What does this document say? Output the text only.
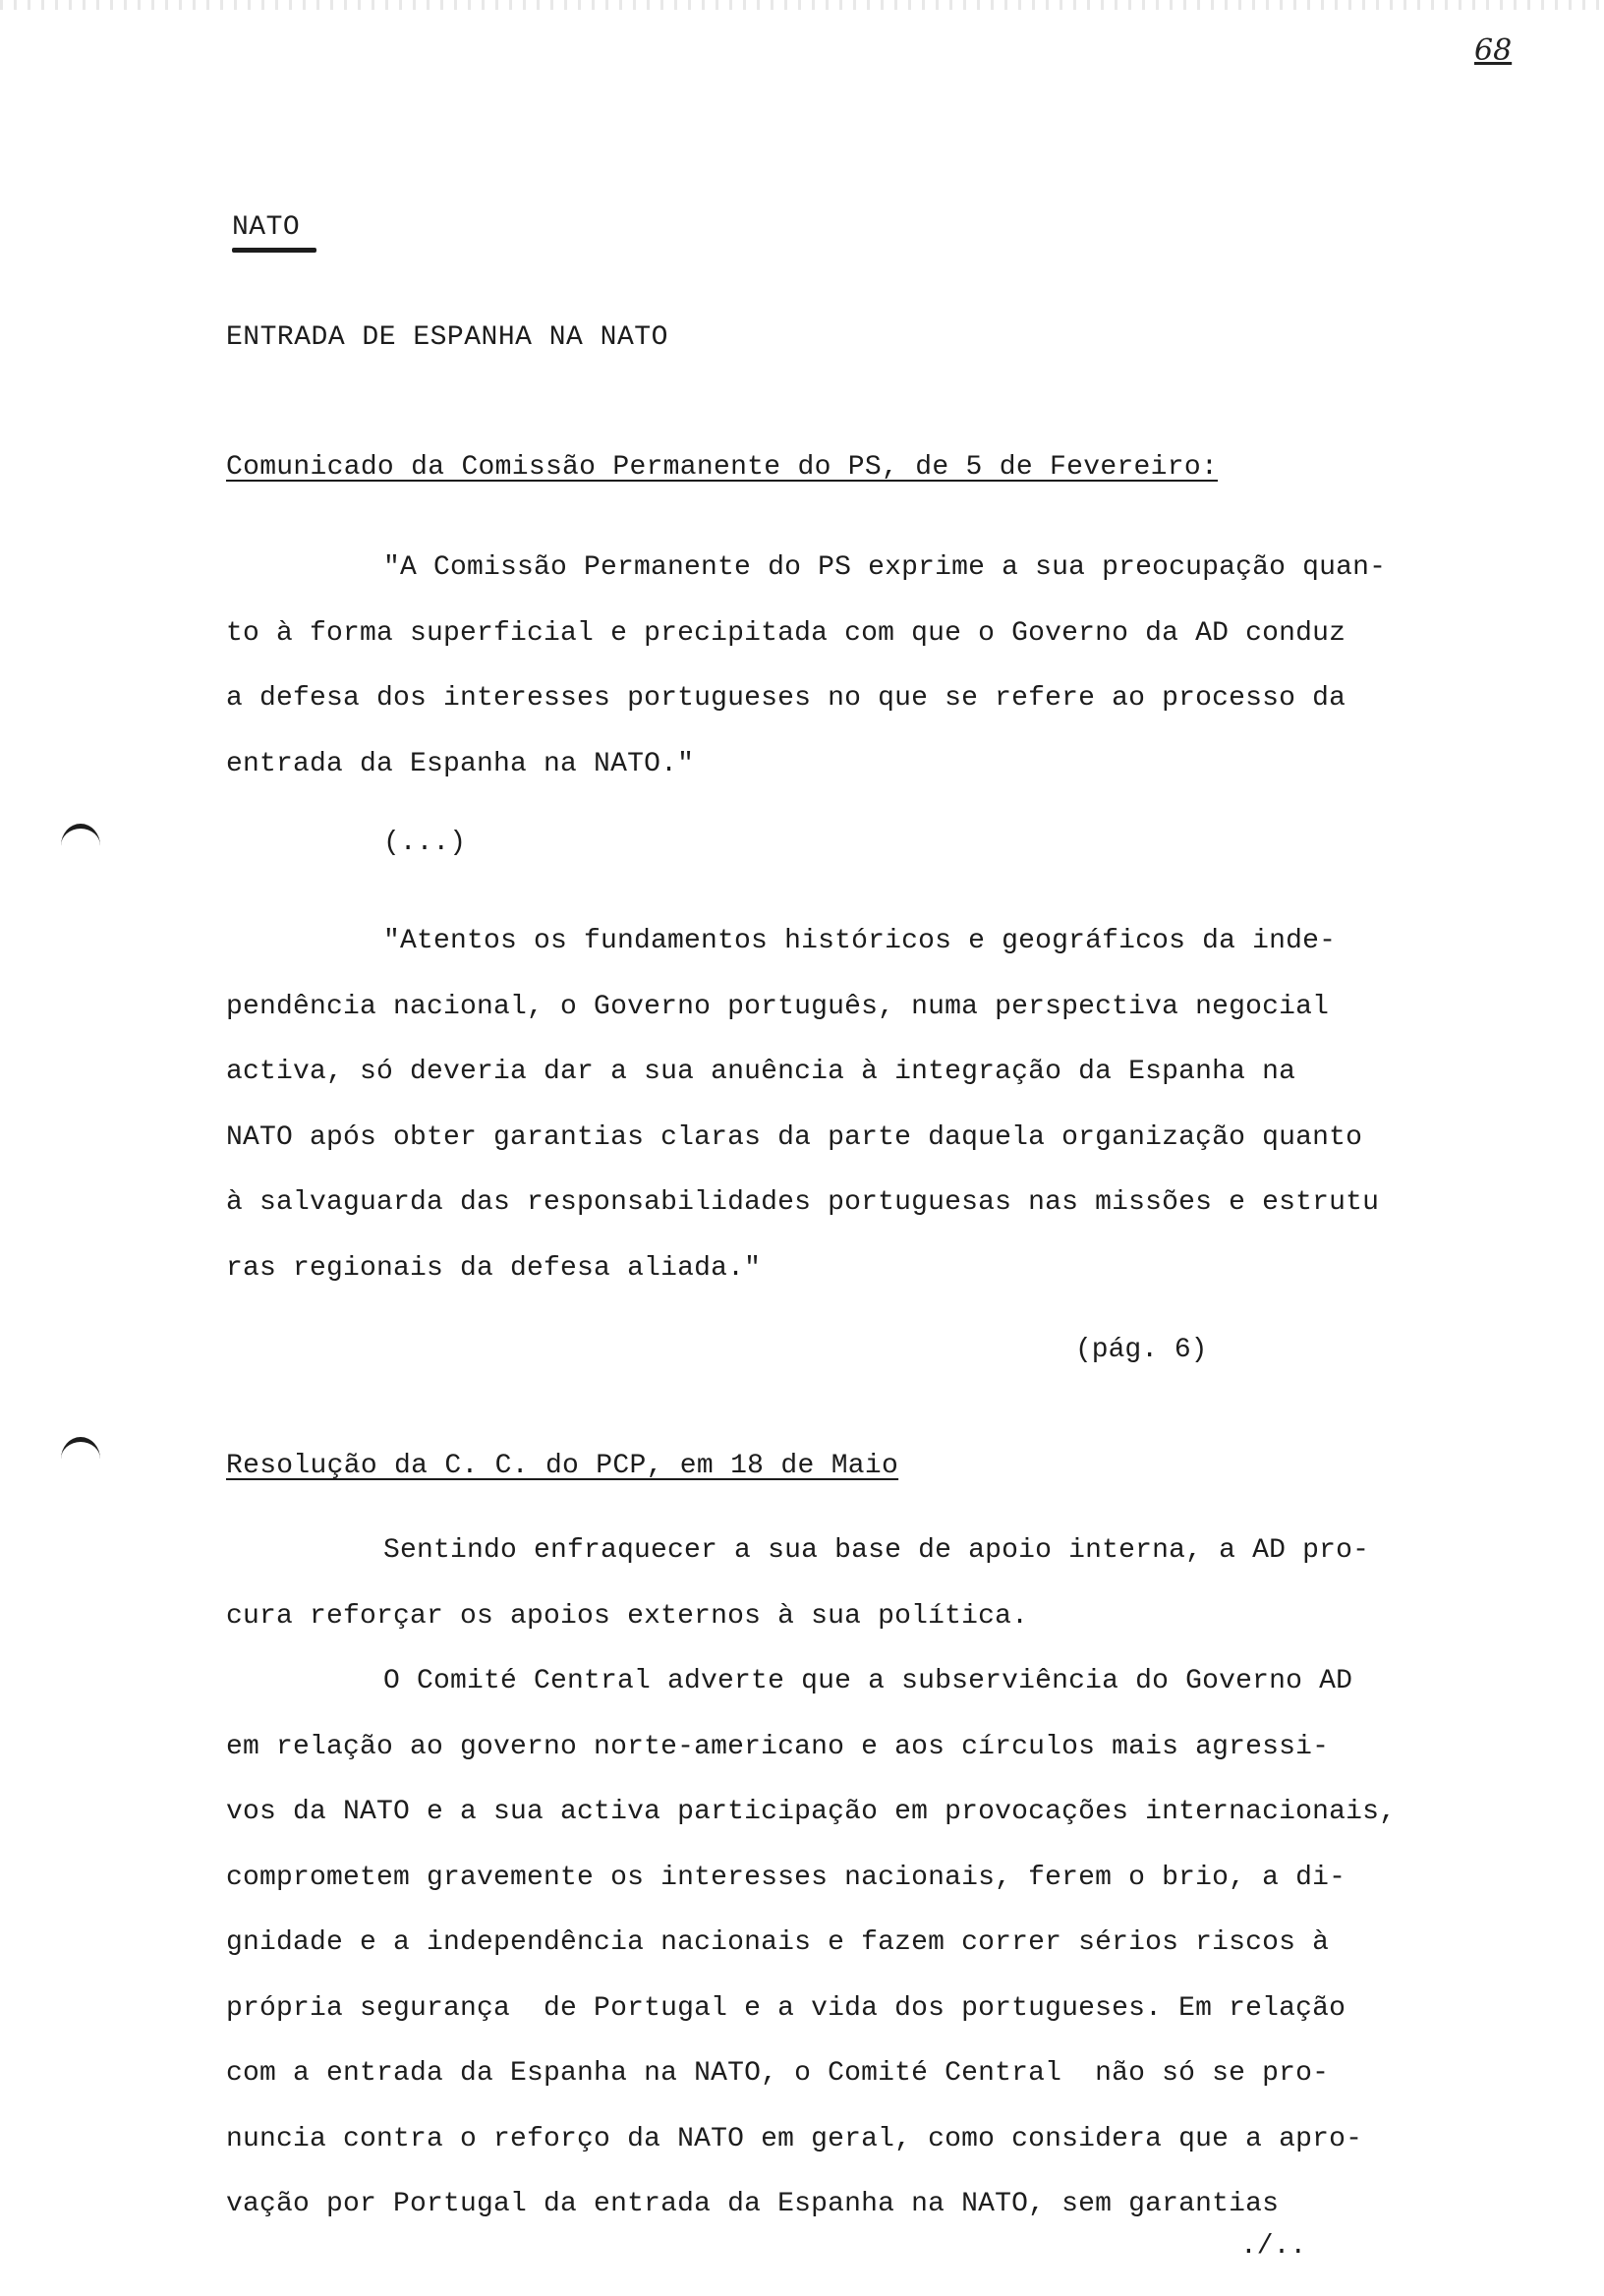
68
NATO
ENTRADA DE ESPANHA NA NATO
Comunicado da Comissão Permanente do PS, de 5 de Fevereiro:

"A Comissão Permanente do PS exprime a sua preocupação quan-
to à forma superficial e precipitada com que o Governo da AD conduz
a defesa dos interesses portugueses no que se refere ao processo da
entrada da Espanha na NATO."

(...)

"Atentos os fundamentos históricos e geográficos da inde-
pendência nacional, o Governo português, numa perspectiva negocial
activa, só deveria dar a sua anuência à integração da Espanha na
NATO após obter garantias claras da parte daquela organização quanto
à salvaguarda das responsabilidades portuguesas nas missões e estrutu
ras regionais da defesa aliada."

(pág. 6)
Resolução da C. C. do PCP, em 18 de Maio

Sentindo enfraquecer a sua base de apoio interna, a AD pro-
cura reforçar os apoios externos à sua política.

O Comité Central adverte que a subserviência do Governo AD
em relação ao governo norte-americano e aos círculos mais agressi-
vos da NATO e a sua activa participação em provocações internacionais,
comprometem gravemente os interesses nacionais, ferem o brio, a di-
gnidade e a independência nacionais e fazem correr sérios riscos à
própria segurança  de Portugal e a vida dos portugueses. Em relação
com a entrada da Espanha na NATO, o Comité Central  não só se pro-
nuncia contra o reforço da NATO em geral, como considera que a apro-
vação por Portugal da entrada da Espanha na NATO, sem garantias

./..
